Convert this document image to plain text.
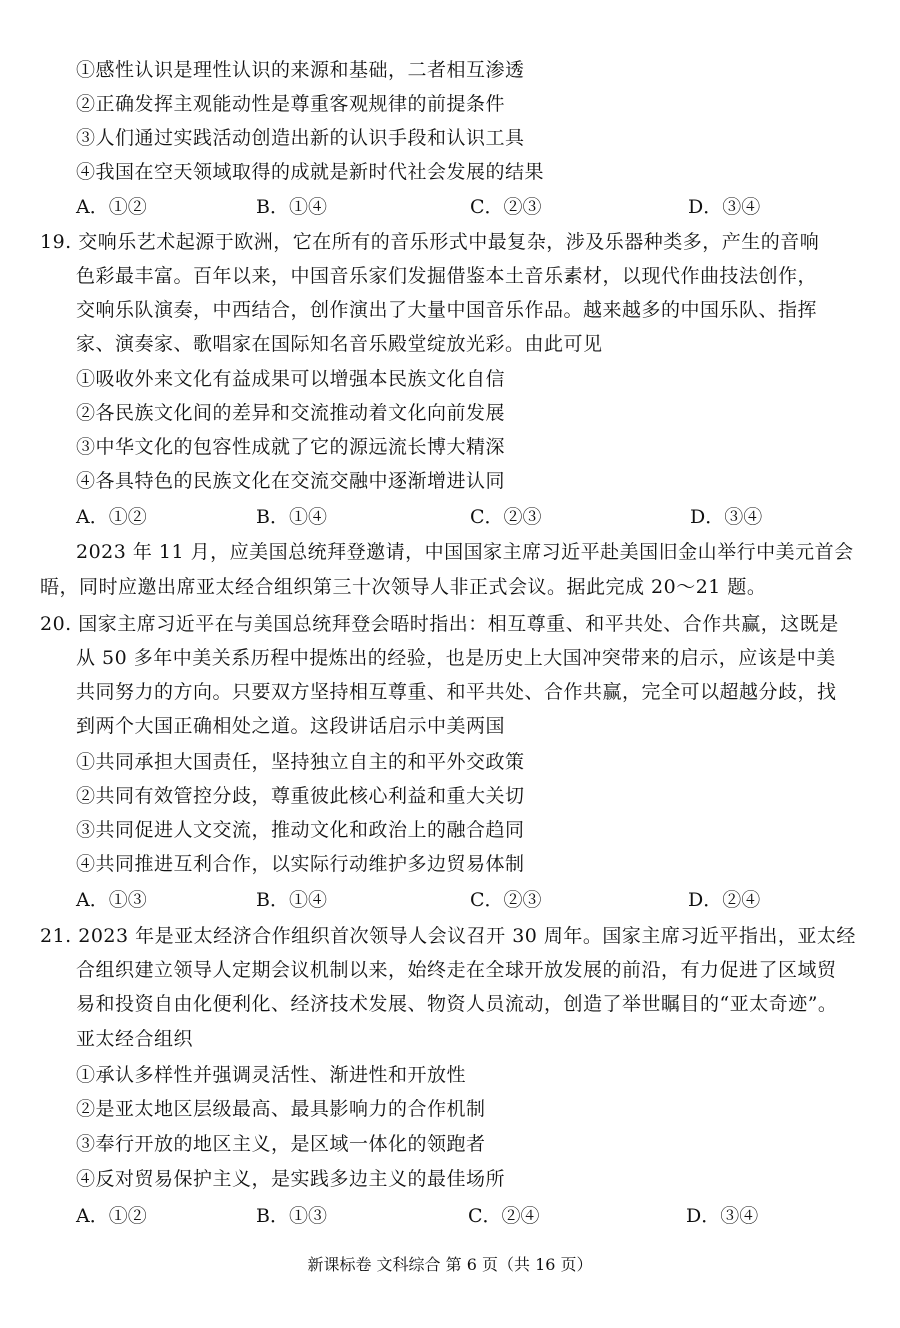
①感性认识是理性认识的来源和基础，二者相互渗透
②正确发挥主观能动性是尊重客观规律的前提条件
③人们通过实践活动创造出新的认识手段和认识工具
④我国在空天领域取得的成就是新时代社会发展的结果
A．①②	B．①④	C．②③	D．③④
19. 交响乐艺术起源于欧洲，它在所有的音乐形式中最复杂，涉及乐器种类多，产生的音响
色彩最丰富。百年以来，中国音乐家们发掘借鉴本土音乐素材，以现代作曲技法创作，
交响乐队演奏，中西结合，创作演出了大量中国音乐作品。越来越多的中国乐队、指挥
家、演奏家、歌唱家在国际知名音乐殿堂绽放光彩。由此可见
①吸收外来文化有益成果可以增强本民族文化自信
②各民族文化间的差异和交流推动着文化向前发展
③中华文化的包容性成就了它的源远流长博大精深
④各具特色的民族文化在交流交融中逐渐增进认同
A．①②	B．①④	C．②③	D．③④
2023 年 11 月，应美国总统拜登邀请，中国国家主席习近平赴美国旧金山举行中美元首会
晤，同时应邀出席亚太经合组织第三十次领导人非正式会议。据此完成 20～21 题。
20. 国家主席习近平在与美国总统拜登会晤时指出：相互尊重、和平共处、合作共赢，这既是
从 50 多年中美关系历程中提炼出的经验，也是历史上大国冲突带来的启示，应该是中美
共同努力的方向。只要双方坚持相互尊重、和平共处、合作共赢，完全可以超越分歧，找
到两个大国正确相处之道。这段讲话启示中美两国
①共同承担大国责任，坚持独立自主的和平外交政策
②共同有效管控分歧，尊重彼此核心利益和重大关切
③共同促进人文交流，推动文化和政治上的融合趋同
④共同推进互利合作，以实际行动维护多边贸易体制
A．①③	B．①④	C．②③	D．②④
21. 2023 年是亚太经济合作组织首次领导人会议召开 30 周年。国家主席习近平指出，亚太经
合组织建立领导人定期会议机制以来，始终走在全球开放发展的前沿，有力促进了区域贸
易和投资自由化便利化、经济技术发展、物资人员流动，创造了举世瞩目的“亚太奇迹”。
亚太经合组织
①承认多样性并强调灵活性、渐进性和开放性
②是亚太地区层级最高、最具影响力的合作机制
③奉行开放的地区主义，是区域一体化的领跑者
④反对贸易保护主义，是实践多边主义的最佳场所
A．①②	B．①③	C．②④	D．③④
新课标卷 文科综合 第 6 页（共 16 页）
